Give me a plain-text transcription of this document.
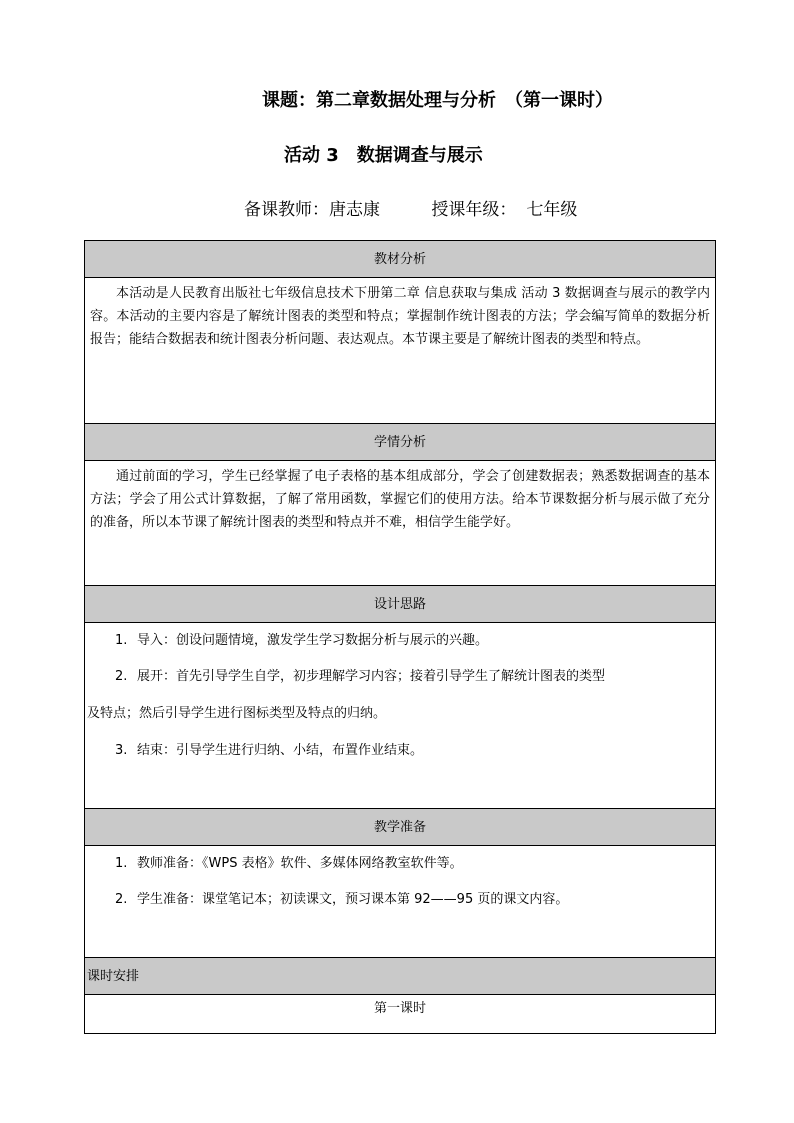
课题：第二章数据处理与分析　（第一课时）
活动 3　数据调查与展示
备课教师：唐志康	授课年级： 七年级
教材分析

本活动是人民教育出版社七年级信息技术下册第二章 信息获取与集成 活动 3 数据调查与展示的教学内容。本活动的主要内容是了解统计图表的类型和特点；掌握制作统计图表的方法；学会编写简单的数据分析报告；能结合数据表和统计图表分析问题、表达观点。本节课主要是了解统计图表的类型和特点。

学情分析

通过前面的学习，学生已经掌握了电子表格的基本组成部分，学会了创建数据表；熟悉数据调查的基本方法；学会了用公式计算数据，了解了常用函数，掌握它们的使用方法。给本节课数据分析与展示做了充分的准备，所以本节课了解统计图表的类型和特点并不难，相信学生能学好。

设计思路

1. 导入：创设问题情境，激发学生学习数据分析与展示的兴趣。

2. 展开：首先引导学生自学，初步理解学习内容；接着引导学生了解统计图表的类型

及特点；然后引导学生进行图标类型及特点的归纳。

3. 结束：引导学生进行归纳、小结，布置作业结束。

教学准备

1. 教师准备：《WPS 表格》软件、多媒体网络教室软件等。

2. 学生准备：课堂笔记本；初读课文，预习课本第 92——95 页的课文内容。

课时安排
第一课时
